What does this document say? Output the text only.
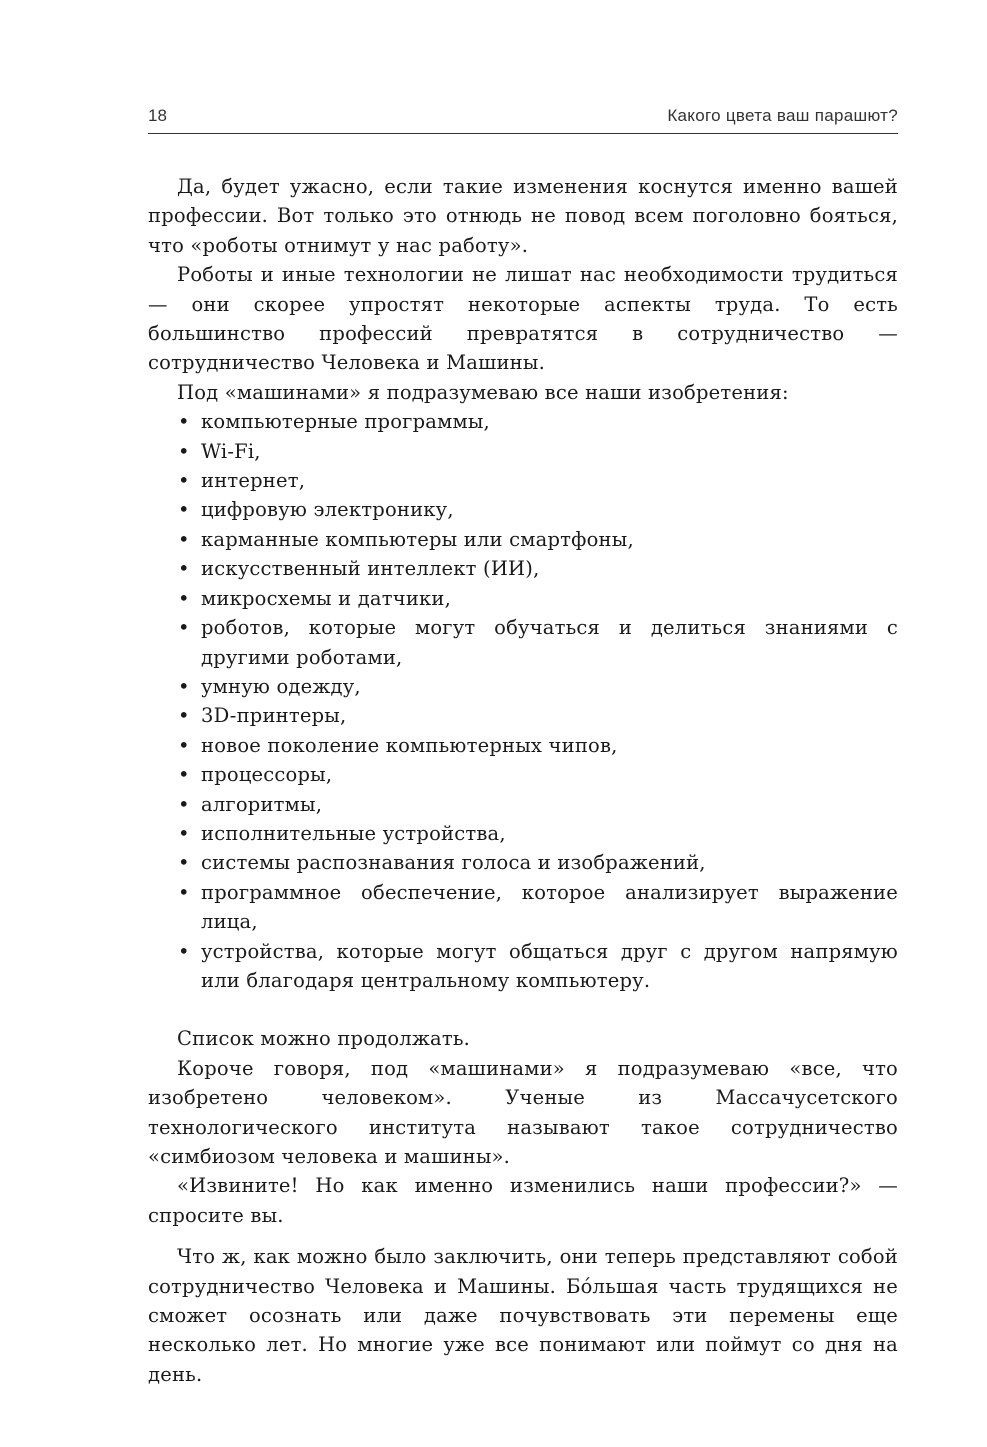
18	Какого цвета ваш парашют?

Да, будет ужасно, если такие изменения коснутся именно вашей профессии. Вот только это отнюдь не повод всем поголовно бояться, что «роботы отнимут у нас работу».

Роботы и иные технологии не лишат нас необходимости трудиться — они скорее упростят некоторые аспекты труда. То есть большинство профессий превратятся в сотрудничество — сотрудничество Человека и Машины.

Под «машинами» я подразумеваю все наши изобретения:

• компьютерные программы,
• Wi-Fi,
• интернет,
• цифровую электронику,
• карманные компьютеры или смартфоны,
• искусственный интеллект (ИИ),
• микросхемы и датчики,
• роботов, которые могут обучаться и делиться знаниями с другими роботами,
• умную одежду,
• 3D-принтеры,
• новое поколение компьютерных чипов,
• процессоры,
• алгоритмы,
• исполнительные устройства,
• системы распознавания голоса и изображений,
• программное обеспечение, которое анализирует выражение лица,
• устройства, которые могут общаться друг с другом напрямую или благодаря центральному компьютеру.

Список можно продолжать.

Короче говоря, под «машинами» я подразумеваю «все, что изобретено человеком». Ученые из Массачусетского технологического института называют такое сотрудничество «симбиозом человека и машины».

«Извините! Но как именно изменились наши профессии?» — спросите вы.

Что ж, как можно было заключить, они теперь представляют собой сотрудничество Человека и Машины. Бóльшая часть трудящихся не сможет осознать или даже почувствовать эти перемены еще несколько лет. Но многие уже все понимают или поймут со дня на день.
